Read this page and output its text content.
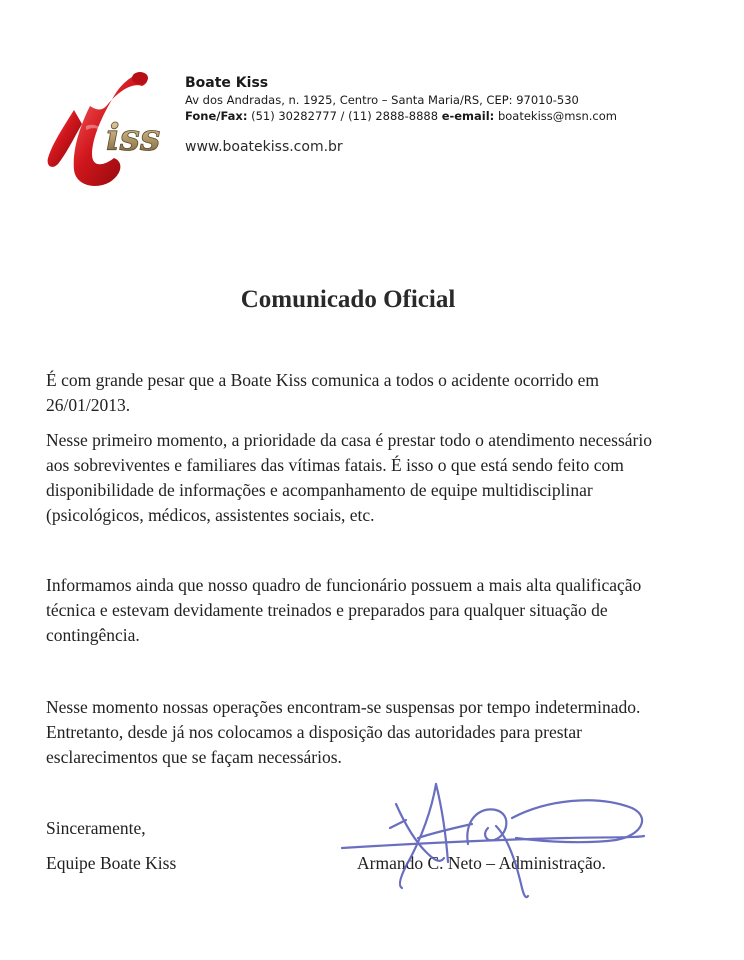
iss

Boate Kiss

Av dos Andradas, n. 1925, Centro – Santa Maria/RS, CEP: 97010-530

Fone/Fax: (51) 30282777 / (11) 2888-8888 e-email: boatekiss@msn.com

www.boatekiss.com.br

Comunicado Oficial

É com grande pesar que a Boate Kiss comunica a todos o acidente ocorrido em 26/01/2013.

Nesse primeiro momento, a prioridade da casa é prestar todo o atendimento necessário aos sobreviventes e familiares das vítimas fatais. É isso o que está sendo feito com disponibilidade de informações e acompanhamento de equipe multidisciplinar (psicológicos, médicos, assistentes sociais, etc.

Informamos ainda que nosso quadro de funcionário possuem a mais alta qualificação técnica e estevam devidamente treinados e preparados para qualquer situação de contingência.

Nesse momento nossas operações encontram-se suspensas por tempo indeterminado. Entretanto, desde já nos colocamos a disposição das autoridades para prestar esclarecimentos que se façam necessários.

Sinceramente,

Equipe Boate Kiss	Armando C. Neto – Administração.
